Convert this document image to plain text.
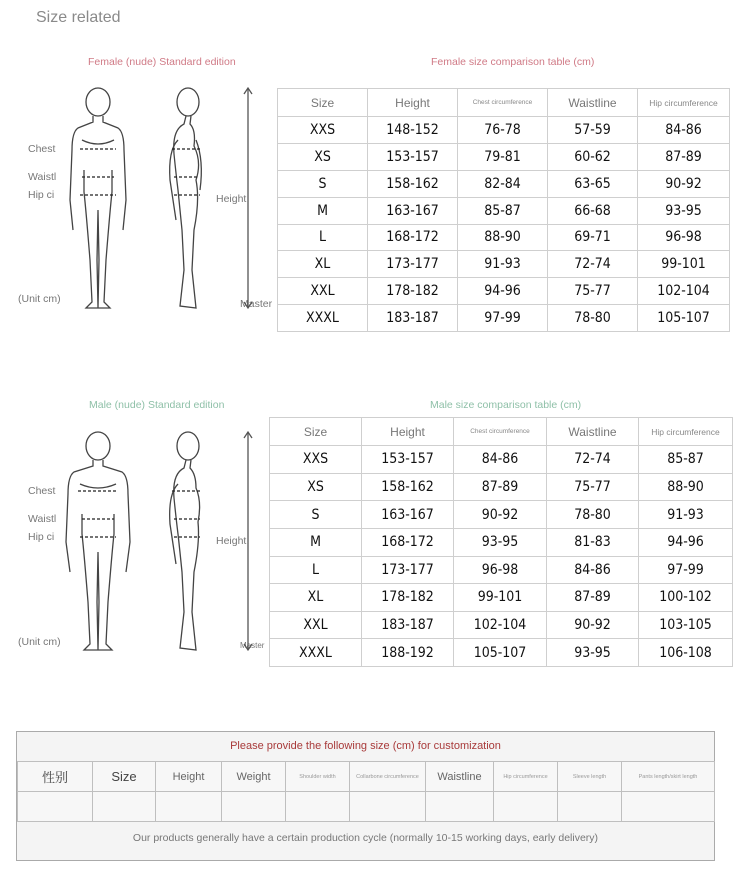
Size related
Female (nude) Standard edition	Female size comparison table (cm)
Chest
Waistl
Hip ci	Height
(Unit cm)	Master
Size	Height	Chest circumference	Waistline	Hip circumference
XXS	148-152	76-78	57-59	84-86
XS	153-157	79-81	60-62	87-89
S	158-162	82-84	63-65	90-92
M	163-167	85-87	66-68	93-95
L	168-172	88-90	69-71	96-98
XL	173-177	91-93	72-74	99-101
XXL	178-182	94-96	75-77	102-104
XXXL	183-187	97-99	78-80	105-107
Male (nude) Standard edition	Male size comparison table (cm)
Chest
Waistl
Hip ci	Height
(Unit cm)	Master
Size	Height	Chest circumference	Waistline	Hip circumference
XXS	153-157	84-86	72-74	85-87
XS	158-162	87-89	75-77	88-90
S	163-167	90-92	78-80	91-93
M	168-172	93-95	81-83	94-96
L	173-177	96-98	84-86	97-99
XL	178-182	99-101	87-89	100-102
XXL	183-187	102-104	90-92	103-105
XXXL	188-192	105-107	93-95	106-108
Please provide the following size (cm) for customization
性别	Size	Height	Weight	Shoulder width	Collarbone circumference	Waistline	Hip circumference	Sleeve length	Pants length/skirt length

Our products generally have a certain production cycle (normally 10-15 working days, early delivery)
